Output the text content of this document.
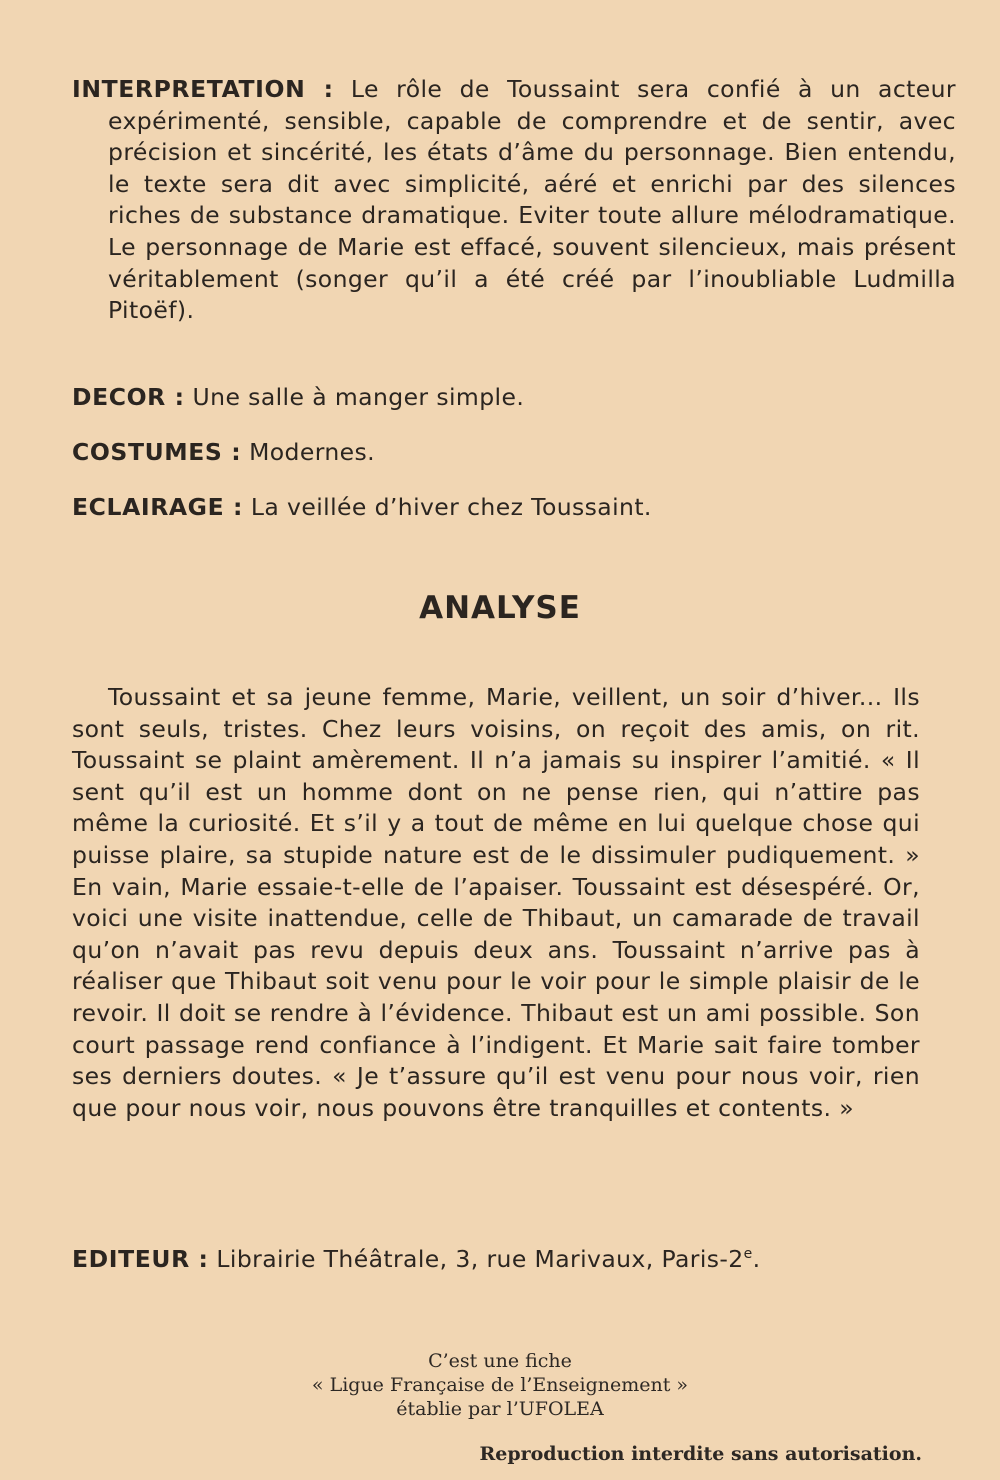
INTERPRETATION : Le rôle de Toussaint sera confié à un acteur expérimenté, sensible, capable de comprendre et de sentir, avec précision et sincérité, les états d’âme du personnage. Bien entendu, le texte sera dit avec simplicité, aéré et enrichi par des silences riches de substance dramatique. Eviter toute allure mélodramatique. Le personnage de Marie est effacé, souvent silencieux, mais présent véritablement (songer qu’il a été créé par l’inoubliable Ludmilla Pitoëf).
DECOR : Une salle à manger simple.
COSTUMES : Modernes.
ECLAIRAGE : La veillée d’hiver chez Toussaint.
ANALYSE
Toussaint et sa jeune femme, Marie, veillent, un soir d’hiver... Ils sont seuls, tristes. Chez leurs voisins, on reçoit des amis, on rit. Toussaint se plaint amèrement. Il n’a jamais su inspirer l’amitié. « Il sent qu’il est un homme dont on ne pense rien, qui n’attire pas même la curiosité. Et s’il y a tout de même en lui quelque chose qui puisse plaire, sa stupide nature est de le dissimuler pudiquement. » En vain, Marie essaie-t-elle de l’apaiser. Toussaint est désespéré. Or, voici une visite inattendue, celle de Thibaut, un camarade de travail qu’on n’avait pas revu depuis deux ans. Toussaint n’arrive pas à réaliser que Thibaut soit venu pour le voir pour le simple plaisir de le revoir. Il doit se rendre à l’évidence. Thibaut est un ami possible. Son court passage rend confiance à l’indigent. Et Marie sait faire tomber ses derniers doutes. « Je t’assure qu’il est venu pour nous voir, rien que pour nous voir, nous pouvons être tranquilles et contents. »
EDITEUR : Librairie Théâtrale, 3, rue Marivaux, Paris-2e.
C’est une fiche
« Ligue Française de l’Enseignement »
établie par l’UFOLEA
Reproduction interdite sans autorisation.
